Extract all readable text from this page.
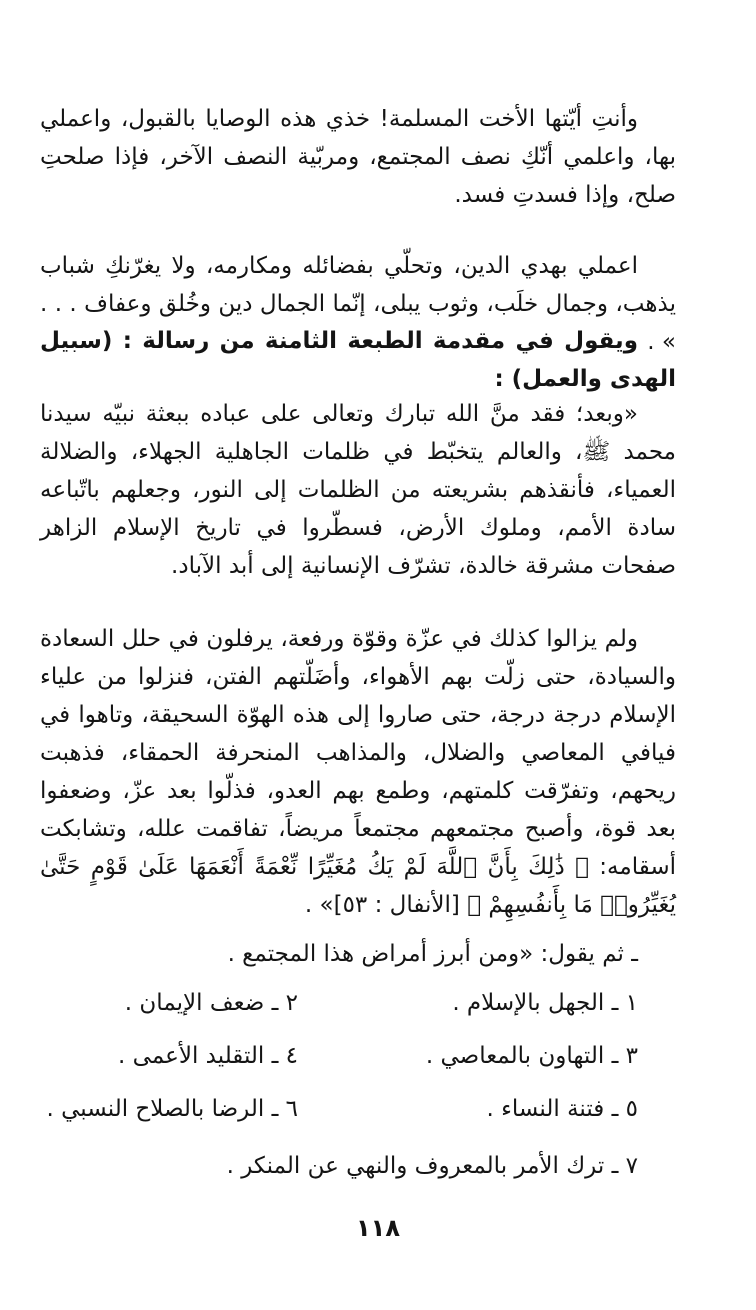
وأنتِ أيّتها الأخت المسلمة! خذي هذه الوصايا بالقبول، واعملي بها، واعلمي أنّكِ نصف المجتمع، ومربّية النصف الآخر، فإذا صلحتِ صلح، وإذا فسدتِ فسد.

اعملي بهدي الدين، وتحلّي بفضائله ومكارمه، ولا يغرّنكِ شباب يذهب، وجمال خلَب، وثوب يبلى، إنّما الجمال دين وخُلق وعفاف . . . » .

ويقول في مقدمة الطبعة الثامنة من رسالة : (سبيل الهدى والعمل) :

«وبعد؛ فقد منَّ الله تبارك وتعالى على عباده ببعثة نبيّه سيدنا محمد ﷺ، والعالم يتخبّط في ظلمات الجاهلية الجهلاء، والضلالة العمياء، فأنقذهم بشريعته من الظلمات إلى النور، وجعلهم باتّباعه سادة الأمم، وملوك الأرض، فسطّروا في تاريخ الإسلام الزاهر صفحات مشرقة خالدة، تشرّف الإنسانية إلى أبد الآباد.

ولم يزالوا كذلك في عزّة وقوّة ورفعة، يرفلون في حلل السعادة والسيادة، حتى زلّت بهم الأهواء، وأضَلّتهم الفتن، فنزلوا من علياء الإسلام درجة درجة، حتى صاروا إلى هذه الهوّة السحيقة، وتاهوا في فيافي المعاصي والضلال، والمذاهب المنحرفة الحمقاء، فذهبت ريحهم، وتفرّقت كلمتهم، وطمع بهم العدو، فذلّوا بعد عزّ، وضعفوا بعد قوة، وأصبح مجتمعهم مجتمعاً مريضاً، تفاقمت علله، وتشابكت أسقامه: ﴿ ذَٰلِكَ بِأَنَّ ٱللَّهَ لَمْ يَكُ مُغَيِّرًا نِّعْمَةً أَنْعَمَهَا عَلَىٰ قَوْمٍ حَتَّىٰ يُغَيِّرُوا۟ مَا بِأَنفُسِهِمْ ﴾ [الأنفال : ٥٣]» .

ـ ثم يقول: «ومن أبرز أمراض هذا المجتمع .

١ ـ الجهل بالإسلام .
٢ ـ ضعف الإيمان .
٣ ـ التهاون بالمعاصي .
٤ ـ التقليد الأعمى .
٥ ـ فتنة النساء .
٦ ـ الرضا بالصلاح النسبي .
٧ ـ ترك الأمر بالمعروف والنهي عن المنكر .
١١٨
